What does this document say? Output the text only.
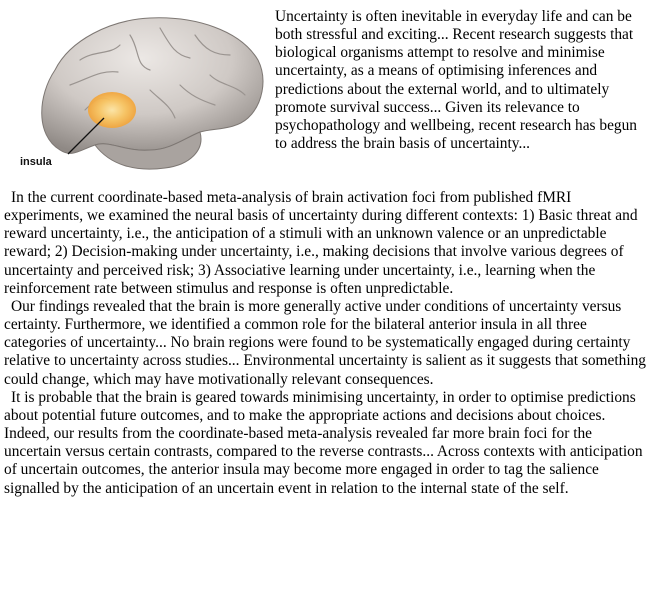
insula

Uncertainty is often inevitable in everyday life and can be both stressful and exciting... Recent research suggests that biological organisms attempt to resolve and minimise uncertainty, as a means of optimising inferences and predictions about the external world, and to ultimately promote survival success... Given its relevance to psychopathology and wellbeing, recent research has begun to address the brain basis of uncertainty...

In the current coordinate-based meta-analysis of brain activation foci from published fMRI experiments, we examined the neural basis of uncertainty during different contexts: 1) Basic threat and reward uncertainty, i.e., the anticipation of a stimuli with an unknown valence or an unpredictable reward; 2) Decision-making under uncertainty, i.e., making decisions that involve various degrees of uncertainty and perceived risk; 3) Associative learning under uncertainty, i.e., learning when the reinforcement rate between stimulus and response is often unpredictable.

Our findings revealed that the brain is more generally active under conditions of uncertainty versus certainty. Furthermore, we identified a common role for the bilateral anterior insula in all three categories of uncertainty... No brain regions were found to be systematically engaged during certainty relative to uncertainty across studies... Environmental uncertainty is salient as it suggests that something could change, which may have motivationally relevant consequences.

It is probable that the brain is geared towards minimising uncertainty, in order to optimise predictions about potential future outcomes, and to make the appropriate actions and decisions about choices. Indeed, our results from the coordinate-based meta-analysis revealed far more brain foci for the uncertain versus certain contrasts, compared to the reverse contrasts... Across contexts with anticipation of uncertain outcomes, the anterior insula may become more engaged in order to tag the salience signalled by the anticipation of an uncertain event in relation to the internal state of the self.
